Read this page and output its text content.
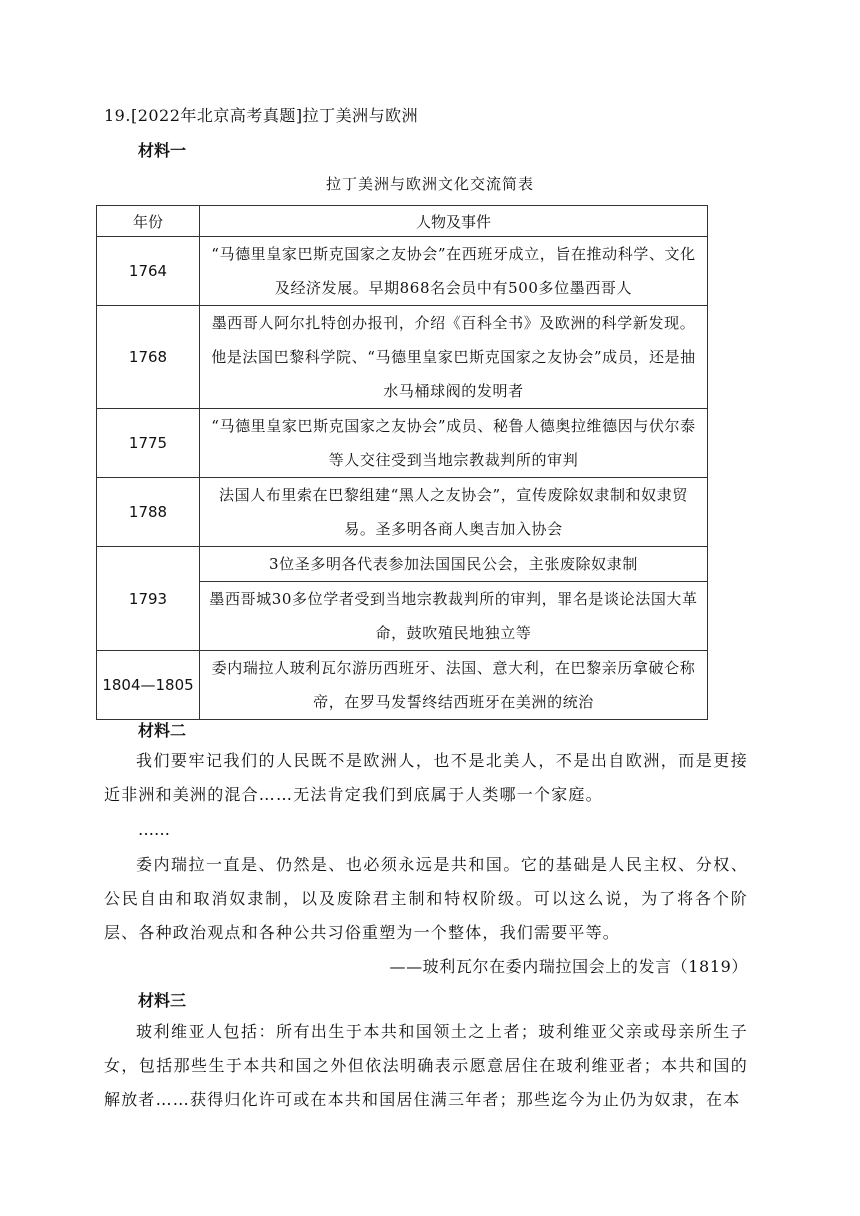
19.[2022年北京高考真题]拉丁美洲与欧洲
材料一
拉丁美洲与欧洲文化交流简表
年份	人物及事件
1764	“马德里皇家巴斯克国家之友协会”在西班牙成立，旨在推动科学、文化及经济发展。早期868名会员中有500多位墨西哥人
1768	墨西哥人阿尔扎特创办报刊，介绍《百科全书》及欧洲的科学新发现。他是法国巴黎科学院、“马德里皇家巴斯克国家之友协会”成员，还是抽水马桶球阀的发明者
1775	“马德里皇家巴斯克国家之友协会”成员、秘鲁人德奥拉维德因与伏尔泰等人交往受到当地宗教裁判所的审判
1788	法国人布里索在巴黎组建“黑人之友协会”，宣传废除奴隶制和奴隶贸易。圣多明各商人奥吉加入协会
1793	3位圣多明各代表参加法国国民公会，主张废除奴隶制
	墨西哥城30多位学者受到当地宗教裁判所的审判，罪名是谈论法国大革命，鼓吹殖民地独立等
1804—1805	委内瑞拉人玻利瓦尔游历西班牙、法国、意大利，在巴黎亲历拿破仑称帝，在罗马发誓终结西班牙在美洲的统治
材料二
我们要牢记我们的人民既不是欧洲人，也不是北美人，不是出自欧洲，而是更接近非洲和美洲的混合……无法肯定我们到底属于人类哪一个家庭。
……
委内瑞拉一直是、仍然是、也必须永远是共和国。它的基础是人民主权、分权、公民自由和取消奴隶制，以及废除君主制和特权阶级。可以这么说，为了将各个阶层、各种政治观点和各种公共习俗重塑为一个整体，我们需要平等。
——玻利瓦尔在委内瑞拉国会上的发言（1819）
材料三
玻利维亚人包括：所有出生于本共和国领土之上者；玻利维亚父亲或母亲所生子女，包括那些生于本共和国之外但依法明确表示愿意居住在玻利维亚者；本共和国的解放者……获得归化许可或在本共和国居住满三年者；那些迄今为止仍为奴隶，在本
